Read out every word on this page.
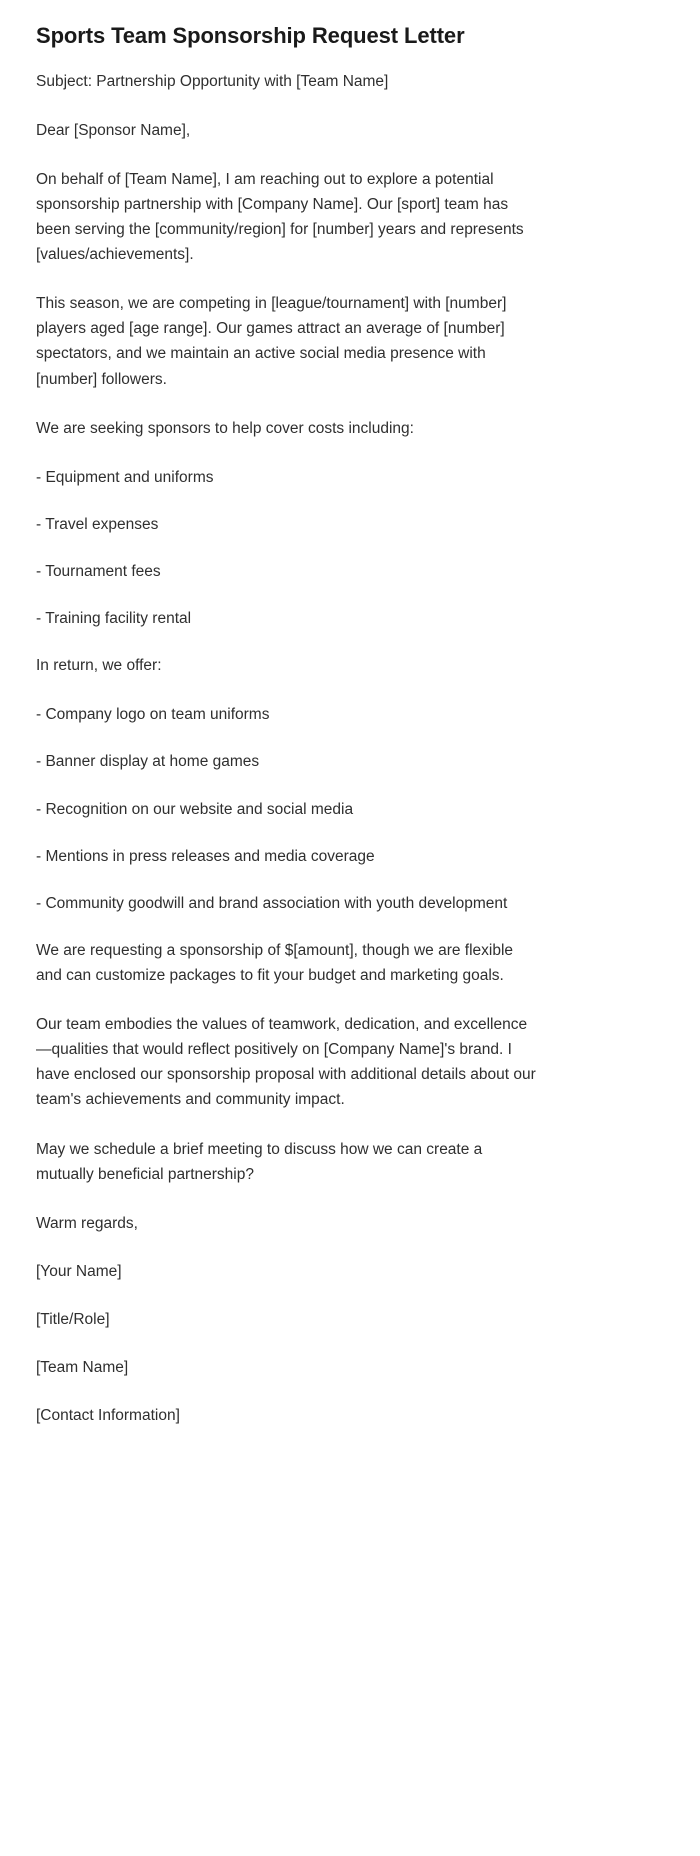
Sports Team Sponsorship Request Letter

Subject: Partnership Opportunity with [Team Name]

Dear [Sponsor Name],

On behalf of [Team Name], I am reaching out to explore a potential sponsorship partnership with [Company Name]. Our [sport] team has been serving the [community/region] for [number] years and represents [values/achievements].

This season, we are competing in [league/tournament] with [number] players aged [age range]. Our games attract an average of [number] spectators, and we maintain an active social media presence with [number] followers.

We are seeking sponsors to help cover costs including:

- Equipment and uniforms

- Travel expenses

- Tournament fees

- Training facility rental

In return, we offer:

- Company logo on team uniforms

- Banner display at home games

- Recognition on our website and social media

- Mentions in press releases and media coverage

- Community goodwill and brand association with youth development

We are requesting a sponsorship of $[amount], though we are flexible and can customize packages to fit your budget and marketing goals.

Our team embodies the values of teamwork, dedication, and excellence—qualities that would reflect positively on [Company Name]'s brand. I have enclosed our sponsorship proposal with additional details about our team's achievements and community impact.

May we schedule a brief meeting to discuss how we can create a mutually beneficial partnership?

Warm regards,

[Your Name]

[Title/Role]

[Team Name]

[Contact Information]
